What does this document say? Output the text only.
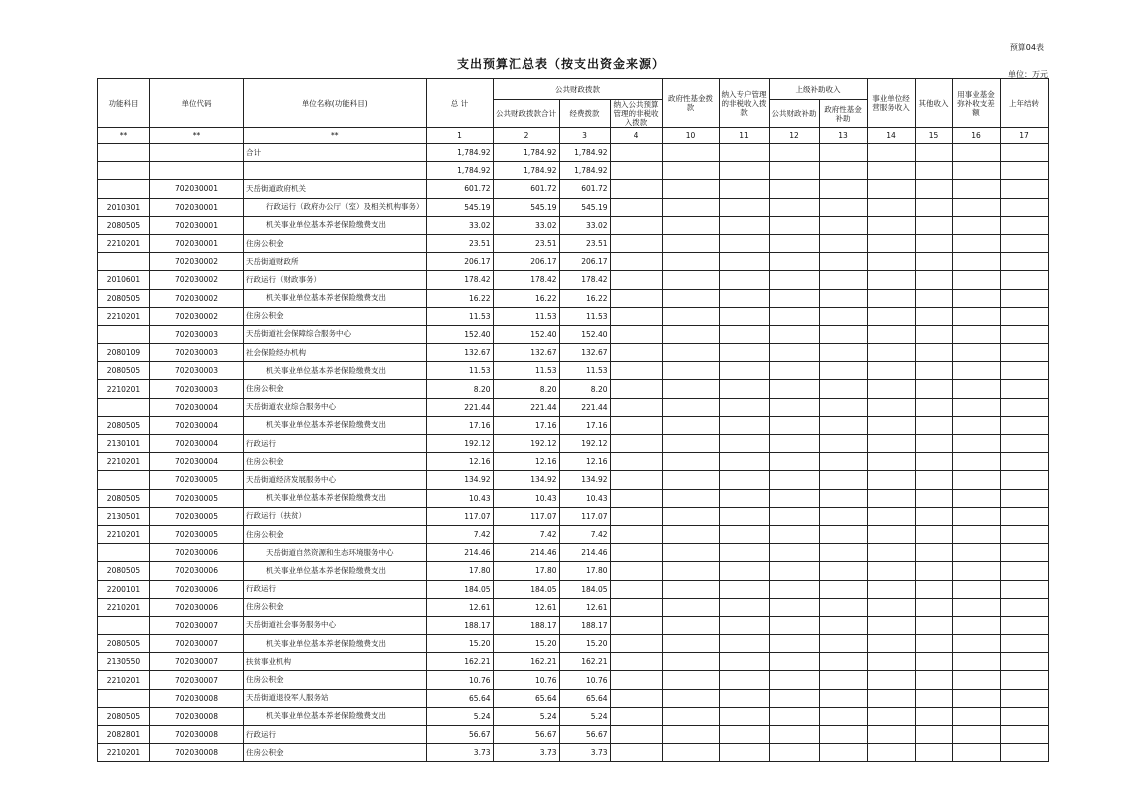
预算04表
支出预算汇总表（按支出资金来源）
单位：万元
功能科目	单位代码	单位名称(功能科目)	总 计	公共财政拨款			政府性基金拨款	纳入专户管理的非税收入拨款	上级补助收入		事业单位经营服务收入	其他收入	用事业基金弥补收支差额	上年结转
				公共财政拨款合计	经费拨款	纳入公共预算管理的非税收入拨款			公共财政补助	政府性基金补助				
**	**	**	1	2	3	4	10	11	12	13	14	15	16	17
		合计	1,784.92	1,784.92	1,784.92									
			1,784.92	1,784.92	1,784.92									
	702030001	天岳街道政府机关	601.72	601.72	601.72									
2010301	702030001	行政运行（政府办公厅（室）及相关机构事务）	545.19	545.19	545.19									
2080505	702030001	机关事业单位基本养老保险缴费支出	33.02	33.02	33.02									
2210201	702030001	住房公积金	23.51	23.51	23.51									
	702030002	天岳街道财政所	206.17	206.17	206.17									
2010601	702030002	行政运行（财政事务）	178.42	178.42	178.42									
2080505	702030002	机关事业单位基本养老保险缴费支出	16.22	16.22	16.22									
2210201	702030002	住房公积金	11.53	11.53	11.53									
	702030003	天岳街道社会保障综合服务中心	152.40	152.40	152.40									
2080109	702030003	社会保险经办机构	132.67	132.67	132.67									
2080505	702030003	机关事业单位基本养老保险缴费支出	11.53	11.53	11.53									
2210201	702030003	住房公积金	8.20	8.20	8.20									
	702030004	天岳街道农业综合服务中心	221.44	221.44	221.44									
2080505	702030004	机关事业单位基本养老保险缴费支出	17.16	17.16	17.16									
2130101	702030004	行政运行	192.12	192.12	192.12									
2210201	702030004	住房公积金	12.16	12.16	12.16									
	702030005	天岳街道经济发展服务中心	134.92	134.92	134.92									
2080505	702030005	机关事业单位基本养老保险缴费支出	10.43	10.43	10.43									
2130501	702030005	行政运行（扶贫）	117.07	117.07	117.07									
2210201	702030005	住房公积金	7.42	7.42	7.42									
	702030006	天岳街道自然资源和生态环境服务中心	214.46	214.46	214.46									
2080505	702030006	机关事业单位基本养老保险缴费支出	17.80	17.80	17.80									
2200101	702030006	行政运行	184.05	184.05	184.05									
2210201	702030006	住房公积金	12.61	12.61	12.61									
	702030007	天岳街道社会事务服务中心	188.17	188.17	188.17									
2080505	702030007	机关事业单位基本养老保险缴费支出	15.20	15.20	15.20									
2130550	702030007	扶贫事业机构	162.21	162.21	162.21									
2210201	702030007	住房公积金	10.76	10.76	10.76									
	702030008	天岳街道退役军人服务站	65.64	65.64	65.64									
2080505	702030008	机关事业单位基本养老保险缴费支出	5.24	5.24	5.24									
2082801	702030008	行政运行	56.67	56.67	56.67									
2210201	702030008	住房公积金	3.73	3.73	3.73									
